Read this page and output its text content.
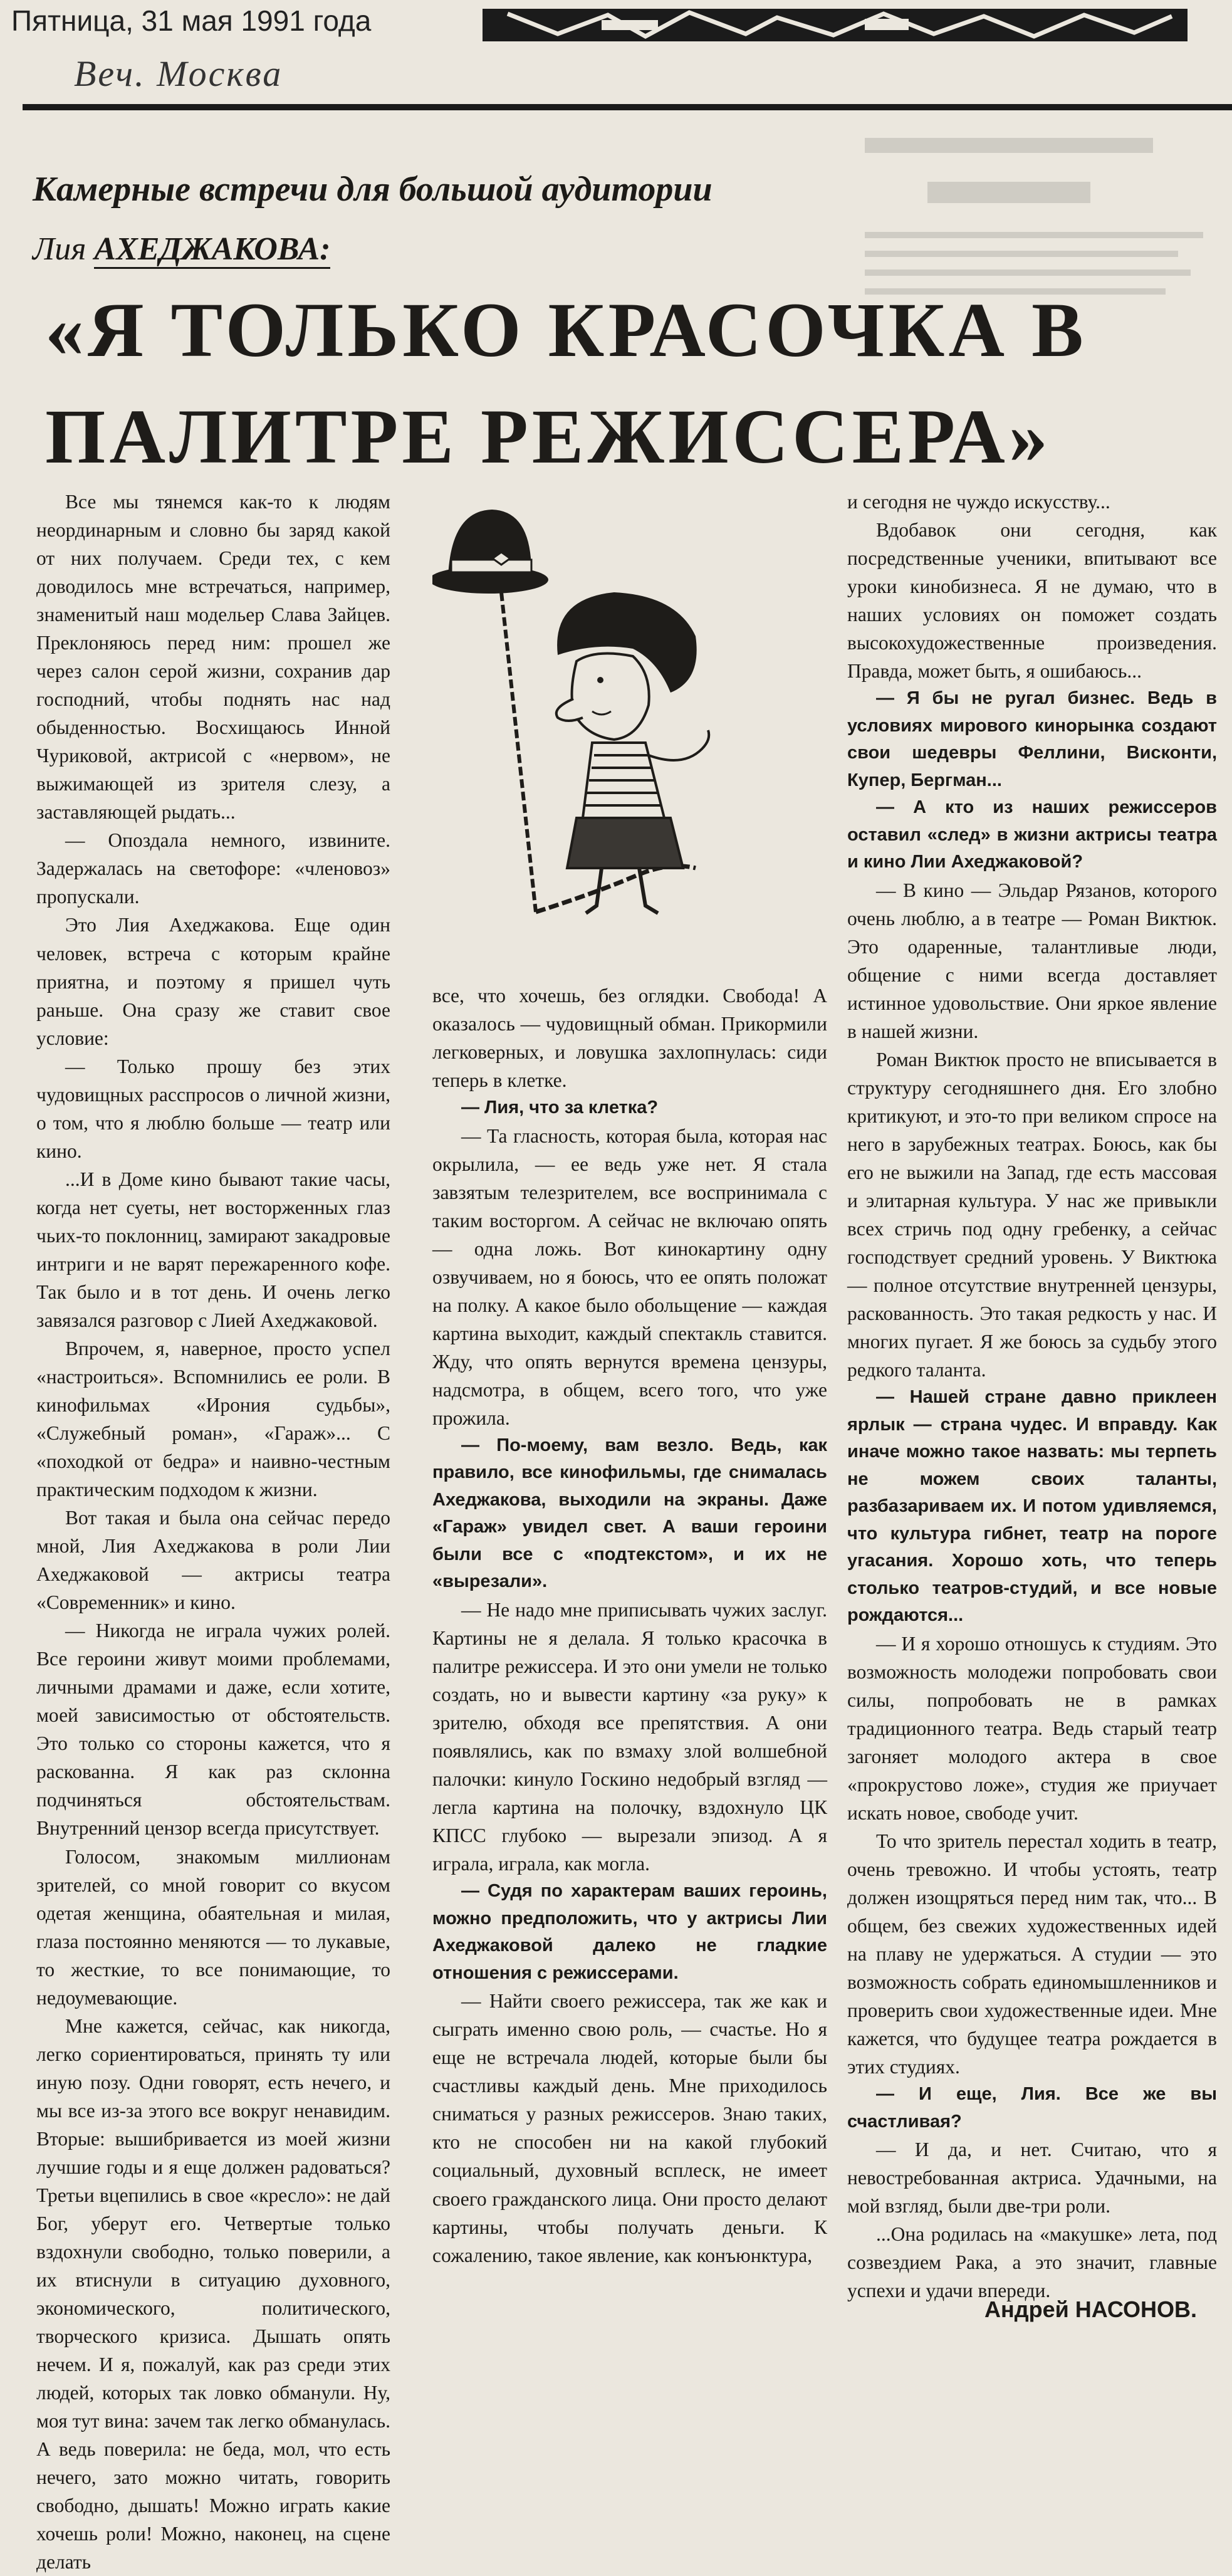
Пятница, 31 мая 1991 года
Веч. Москва
Камерные встречи для большой аудитории
Лия АХЕДЖАКОВА:
«Я ТОЛЬКО КРАСОЧКА В
ПАЛИТРЕ РЕЖИССЕРА»

Все мы тянемся как-то к людям неординарным и словно бы заряд какой от них получаем. Среди тех, с кем доводилось мне встречаться, например, знаменитый наш модельер Слава Зайцев. Преклоняюсь перед ним: прошел же через салон серой жизни, сохранив дар господний, чтобы поднять нас над обыденностью. Восхищаюсь Инной Чуриковой, актрисой с «нервом», не выжимающей из зрителя слезу, а заставляющей рыдать...

— Опоздала немного, извините. Задержалась на светофоре: «членовоз» пропускали.

Это Лия Ахеджакова. Еще один человек, встреча с которым крайне приятна, и поэтому я пришел чуть раньше. Она сразу же ставит свое условие:

— Только прошу без этих чудовищных расспросов о личной жизни, о том, что я люблю больше — театр или кино.

...И в Доме кино бывают такие часы, когда нет суеты, нет восторженных глаз чьих-то поклонниц, замирают закадровые интриги и не варят пережаренного кофе. Так было и в тот день. И очень легко завязался разговор с Лией Ахеджаковой.

Впрочем, я, наверное, просто успел «настроиться». Вспомнились ее роли. В кинофильмах «Ирония судьбы», «Служебный роман», «Гараж»... С «походкой от бедра» и наивно-честным практическим подходом к жизни.

Вот такая и была она сейчас передо мной, Лия Ахеджакова в роли Лии Ахеджаковой — актрисы театра «Современник» и кино.

— Никогда не играла чужих ролей. Все героини живут моими проблемами, личными драмами и даже, если хотите, моей зависимостью от обстоятельств. Это только со стороны кажется, что я раскованна. Я как раз склонна подчиняться обстоятельствам. Внутренний цензор всегда присутствует.

Голосом, знакомым миллионам зрителей, со мной говорит со вкусом одетая женщина, обаятельная и милая, глаза постоянно меняются — то лукавые, то жесткие, то все понимающие, то недоумевающие.

Мне кажется, сейчас, как никогда, легко сориентироваться, принять ту или иную позу. Одни говорят, есть нечего, и мы все из-за этого все вокруг ненавидим. Вторые: вышибривается из моей жизни лучшие годы и я еще должен радоваться? Третьи вцепились в свое «кресло»: не дай Бог, уберут его. Четвертые только вздохнули свободно, только поверили, а их втиснули в ситуацию духовного, экономического, политического, творческого кризиса. Дышать опять нечем. И я, пожалуй, как раз среди этих людей, которых так ловко обманули. Ну, моя тут вина: зачем так легко обманулась. А ведь поверила: не беда, мол, что есть нечего, зато можно читать, говорить свободно, дышать! Можно играть какие хочешь роли! Можно, наконец, на сцене делать

все, что хочешь, без оглядки. Свобода! А оказалось — чудовищный обман. Прикормили легковерных, и ловушка захлопнулась: сиди теперь в клетке.

— Лия, что за клетка?

— Та гласность, которая была, которая нас окрылила, — ее ведь уже нет. Я стала завзятым телезрителем, все воспринимала с таким восторгом. А сейчас не включаю опять — одна ложь. Вот кинокартину одну озвучиваем, но я боюсь, что ее опять положат на полку. А какое было обольщение — каждая картина выходит, каждый спектакль ставится. Жду, что опять вернутся времена цензуры, надсмотра, в общем, всего того, что уже прожила.

— По-моему, вам везло. Ведь, как правило, все кинофильмы, где снималась Ахеджакова, выходили на экраны. Даже «Гараж» увидел свет. А ваши героини были все с «подтекстом», и их не «вырезали».

— Не надо мне приписывать чужих заслуг. Картины не я делала. Я только красочка в палитре режиссера. И это они умели не только создать, но и вывести картину «за руку» к зрителю, обходя все препятствия. А они появлялись, как по взмаху злой волшебной палочки: кинуло Госкино недобрый взгляд — легла картина на полочку, вздохнуло ЦК КПСС глубоко — вырезали эпизод. А я играла, играла, как могла.

— Судя по характерам ваших героинь, можно предположить, что у актрисы Лии Ахеджаковой далеко не гладкие отношения с режиссерами.

— Найти своего режиссера, так же как и сыграть именно свою роль, — счастье. Но я еще не встречала людей, которые были бы счастливы каждый день. Мне приходилось сниматься у разных режиссеров. Знаю таких, кто не способен ни на какой глубокий социальный, духовный всплеск, не имеет своего гражданского лица. Они просто делают картины, чтобы получать деньги. К сожалению, такое явление, как конъюнктура,

и сегодня не чуждо искусству...

Вдобавок они сегодня, как посредственные ученики, впитывают все уроки кинобизнеса. Я не думаю, что в наших условиях он поможет создать высокохудожественные произведения. Правда, может быть, я ошибаюсь...

— Я бы не ругал бизнес. Ведь в условиях мирового кинорынка создают свои шедевры Феллини, Висконти, Купер, Бергман...

— А кто из наших режиссеров оставил «след» в жизни актрисы театра и кино Лии Ахеджаковой?

— В кино — Эльдар Рязанов, которого очень люблю, а в театре — Роман Виктюк. Это одаренные, талантливые люди, общение с ними всегда доставляет истинное удовольствие. Они яркое явление в нашей жизни.

Роман Виктюк просто не вписывается в структуру сегодняшнего дня. Его злобно критикуют, и это-то при великом спросе на него в зарубежных театрах. Боюсь, как бы его не выжили на Запад, где есть массовая и элитарная культура. У нас же привыкли всех стричь под одну гребенку, а сейчас господствует средний уровень. У Виктюка — полное отсутствие внутренней цензуры, раскованность. Это такая редкость у нас. И многих пугает. Я же боюсь за судьбу этого редкого таланта.

— Нашей стране давно приклеен ярлык — страна чудес. И вправду. Как иначе можно такое назвать: мы терпеть не можем своих таланты, разбазариваем их. И потом удивляемся, что культура гибнет, театр на пороге угасания. Хорошо хоть, что теперь столько театров-студий, и все новые рождаются...

— И я хорошо отношусь к студиям. Это возможность молодежи попробовать свои силы, попробовать не в рамках традиционного театра. Ведь старый театр загоняет молодого актера в свое «прокрустово ложе», студия же приучает искать новое, свободе учит.

То что зритель перестал ходить в театр, очень тревожно. И чтобы устоять, театр должен изощряться перед ним так, что... В общем, без свежих художественных идей на плаву не удержаться. А студии — это возможность собрать единомышленников и проверить свои художественные идеи. Мне кажется, что будущее театра рождается в этих студиях.

— И еще, Лия. Все же вы счастливая?

— И да, и нет. Считаю, что я невостребованная актриса. Удачными, на мой взгляд, были две-три роли.

...Она родилась на «макушке» лета, под созвездием Рака, а это значит, главные успехи и удачи впереди.

Андрей НАСОНОВ.
